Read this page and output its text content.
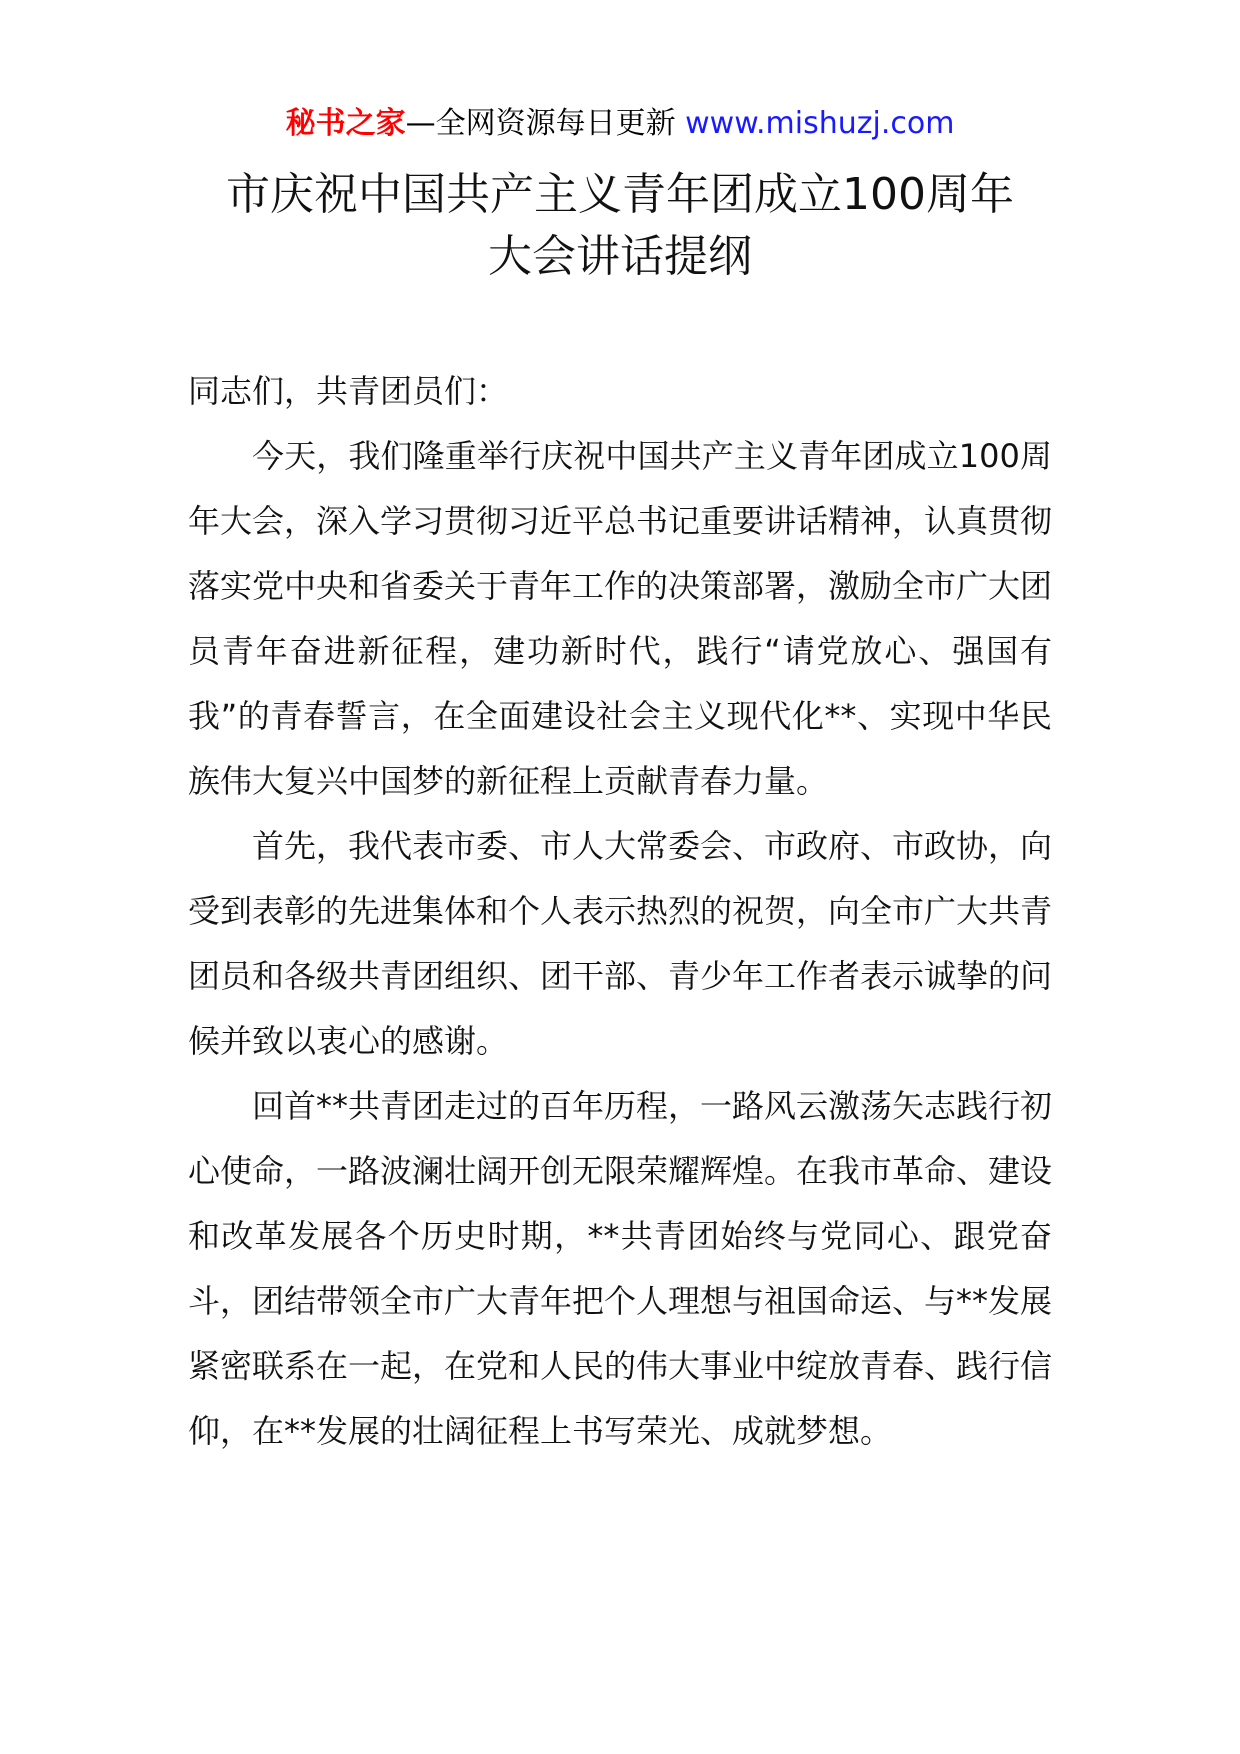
秘书之家—全网资源每日更新 www.mishuzj.com
市庆祝中国共产主义青年团成立100周年
大会讲话提纲

同志们，共青团员们：

今天，我们隆重举行庆祝中国共产主义青年团成立100周年大会，深入学习贯彻习近平总书记重要讲话精神，认真贯彻落实党中央和省委关于青年工作的决策部署，激励全市广大团员青年奋进新征程，建功新时代，践行“请党放心、强国有我”的青春誓言，在全面建设社会主义现代化**、实现中华民族伟大复兴中国梦的新征程上贡献青春力量。

首先，我代表市委、市人大常委会、市政府、市政协，向受到表彰的先进集体和个人表示热烈的祝贺，向全市广大共青团员和各级共青团组织、团干部、青少年工作者表示诚挚的问候并致以衷心的感谢。

回首**共青团走过的百年历程，一路风云激荡矢志践行初心使命，一路波澜壮阔开创无限荣耀辉煌。在我市革命、建设和改革发展各个历史时期，**共青团始终与党同心、跟党奋斗，团结带领全市广大青年把个人理想与祖国命运、与**发展紧密联系在一起，在党和人民的伟大事业中绽放青春、践行信仰，在**发展的壮阔征程上书写荣光、成就梦想。
